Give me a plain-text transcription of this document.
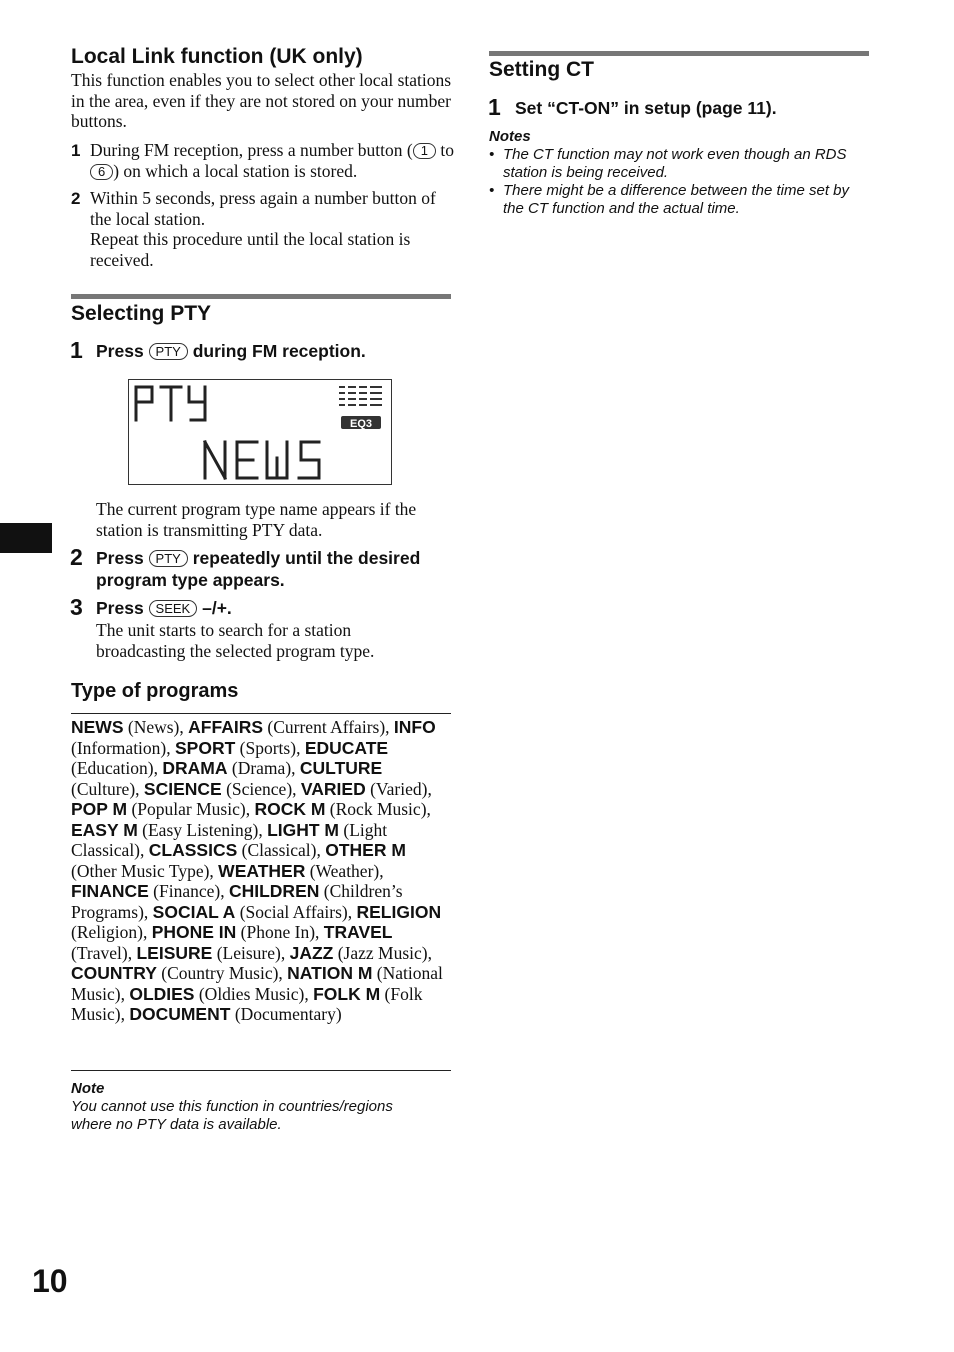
Local Link function (UK only)
This function enables you to select other local stations in the area, even if they are not stored on your number buttons.
1 During FM reception, press a number button ( 1 to 6 ) on which a local station is stored.
2 Within 5 seconds, press again a number button of the local station.
Repeat this procedure until the local station is received.
Selecting PTY
1 Press PTY during FM reception.
EQ3
The current program type name appears if the station is transmitting PTY data.
2 Press PTY repeatedly until the desired program type appears.
3 Press SEEK –/+.
The unit starts to search for a station broadcasting the selected program type.
Type of programs
NEWS (News), AFFAIRS (Current Affairs), INFO (Information), SPORT (Sports), EDUCATE (Education), DRAMA (Drama), CULTURE (Culture), SCIENCE (Science), VARIED (Varied), POP M (Popular Music), ROCK M (Rock Music), EASY M (Easy Listening), LIGHT M (Light Classical), CLASSICS (Classical), OTHER M (Other Music Type), WEATHER (Weather), FINANCE (Finance), CHILDREN (Children’s Programs), SOCIAL A (Social Affairs), RELIGION (Religion), PHONE IN (Phone In), TRAVEL (Travel), LEISURE (Leisure), JAZZ (Jazz Music), COUNTRY (Country Music), NATION M (National Music), OLDIES (Oldies Music), FOLK M (Folk Music), DOCUMENT (Documentary)
Note
You cannot use this function in countries/regions where no PTY data is available.
Setting CT
1 Set “CT-ON” in setup (page 11).
Notes
• The CT function may not work even though an RDS station is being received.
• There might be a difference between the time set by the CT function and the actual time.
10
